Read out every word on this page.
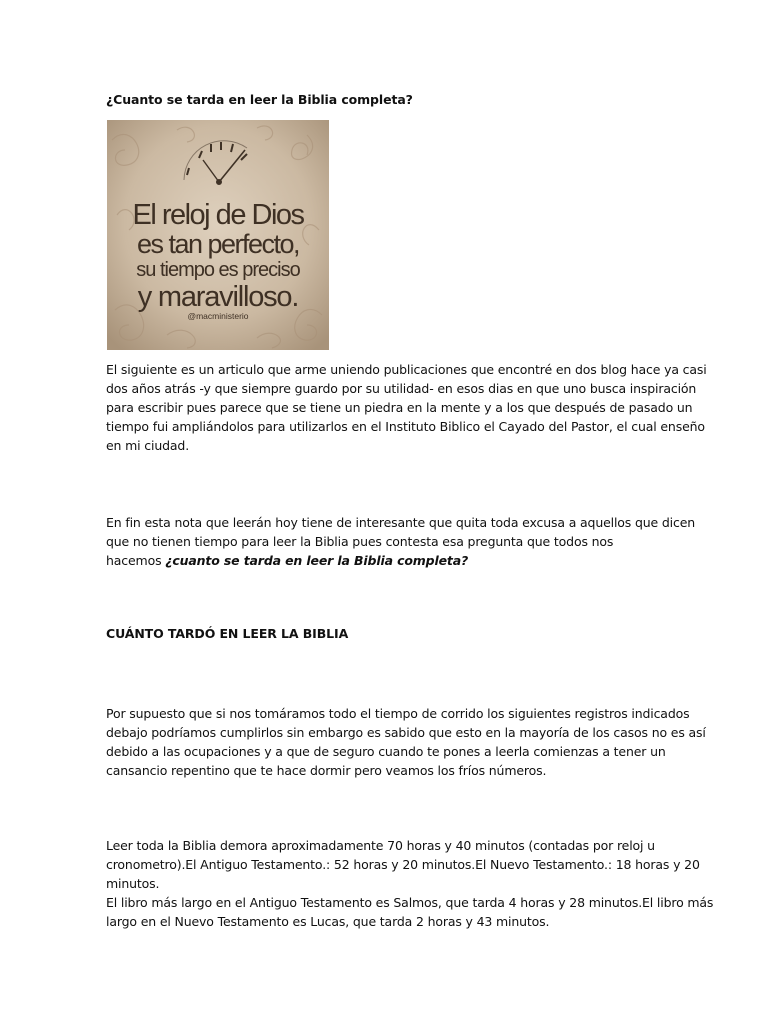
¿Cuanto se tarda en leer la Biblia completa?
El reloj de Dios
es tan perfecto,
su tiempo es preciso
y maravilloso.
@macministerio
El siguiente es un articulo que arme uniendo publicaciones que encontré en dos blog hace ya casi
dos años atrás -y que siempre guardo por su utilidad- en esos dias en que uno busca inspiración
para escribir pues parece que se tiene un piedra en la mente y a los que después de pasado un
tiempo fui ampliándolos para utilizarlos en el Instituto Biblico el Cayado del Pastor, el cual enseño
en mi ciudad.
En fin esta nota que leerán hoy tiene de interesante que quita toda excusa a aquellos que dicen
que no tienen tiempo para leer la Biblia pues contesta esa pregunta que todos nos
hacemos ¿cuanto se tarda en leer la Biblia completa?
CUÁNTO TARDÓ EN LEER LA BIBLIA
Por supuesto que si nos tomáramos todo el tiempo de corrido los siguientes registros indicados
debajo podríamos cumplirlos sin embargo es sabido que esto en la mayoría de los casos no es así
debido a las ocupaciones y a que de seguro cuando te pones a leerla comienzas a tener un
cansancio repentino que te hace dormir pero veamos los fríos números.
Leer toda la Biblia demora aproximadamente 70 horas y 40 minutos (contadas por reloj u
cronometro).El Antiguo Testamento.: 52 horas y 20 minutos.El Nuevo Testamento.: 18 horas y 20
minutos.
El libro más largo en el Antiguo Testamento es Salmos, que tarda 4 horas y 28 minutos.El libro más
largo en el Nuevo Testamento es Lucas, que tarda 2 horas y 43 minutos.
